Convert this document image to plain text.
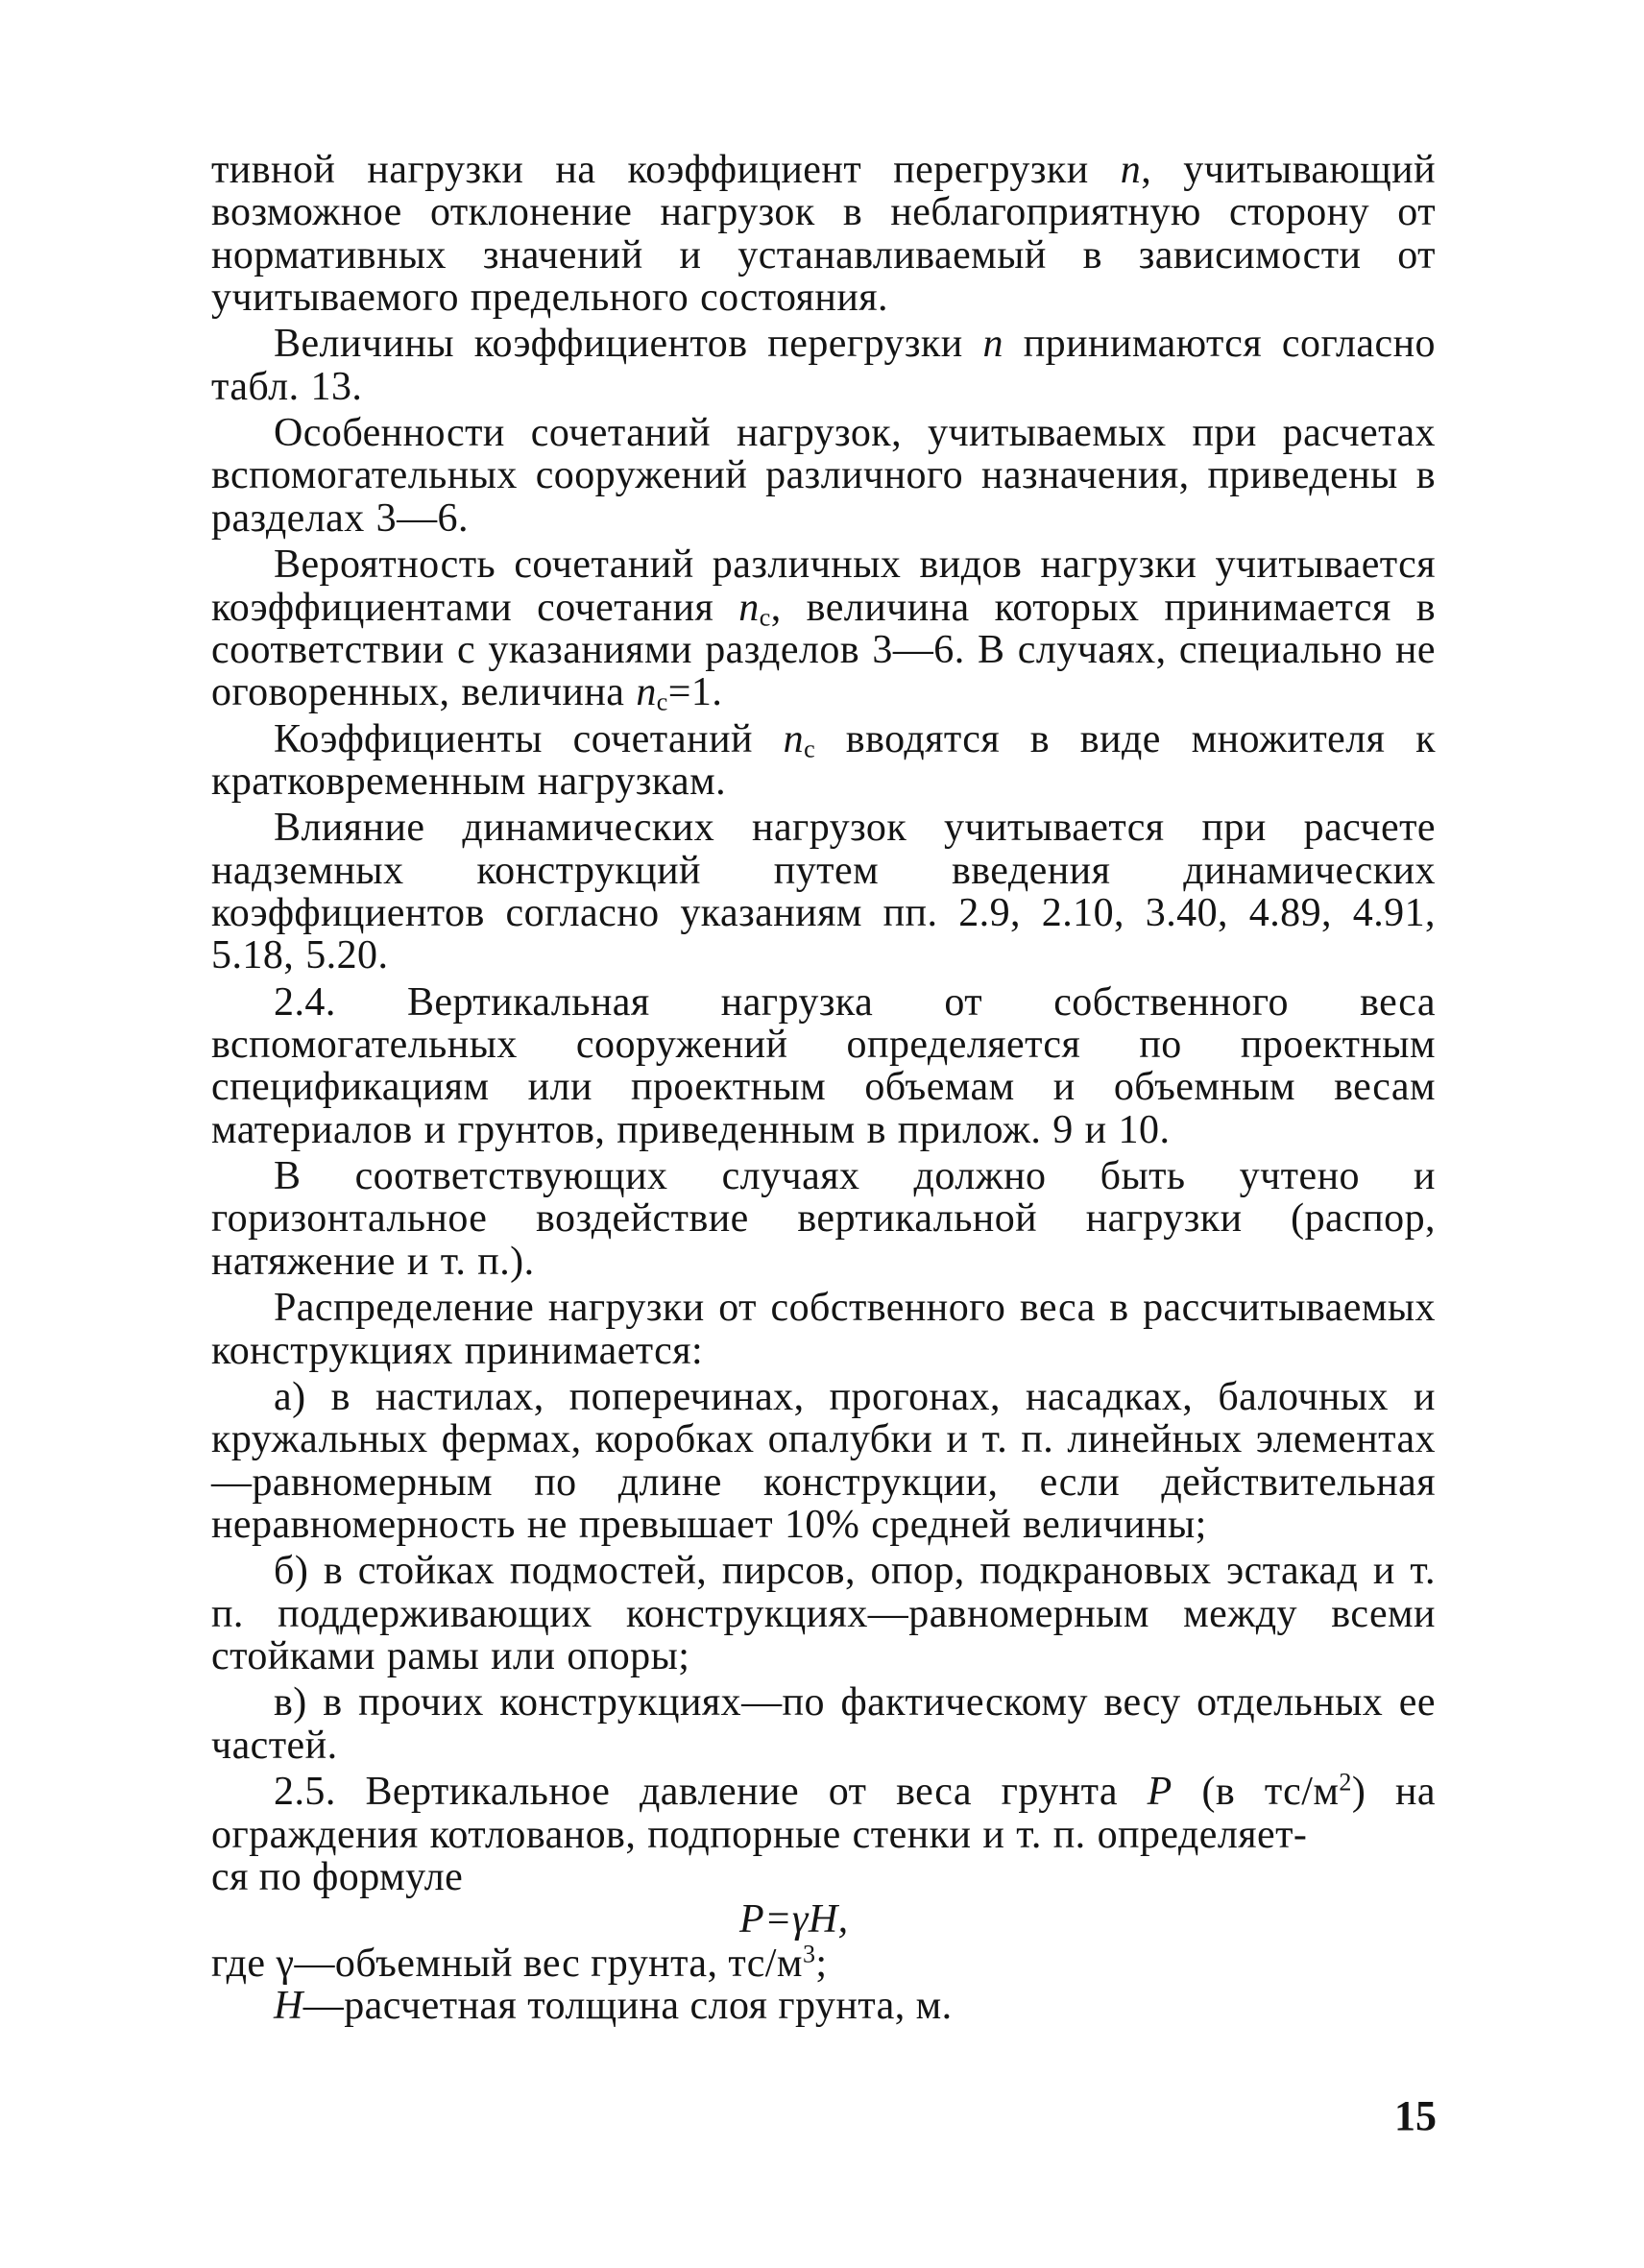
тивной нагрузки на коэффициент перегрузки n, учитывающий возможное отклонение нагрузок в неблагоприятную сторону от нормативных значений и устанавливаемый в зависимости от учитываемого предельного состояния.

Величины коэффициентов перегрузки n принимаются согласно табл. 13.

Особенности сочетаний нагрузок, учитываемых при расчетах вспомогательных сооружений различного назначения, приведены в разделах 3—6.

Вероятность сочетаний различных видов нагрузки учитывается коэффициентами сочетания $n_с$, величина которых принимается в соответствии с указаниями разделов 3—6. В случаях, специально не оговоренных, величина $n_с=1$.

Коэффициенты сочетаний $n_с$ вводятся в виде множителя к кратковременным нагрузкам.

Влияние динамических нагрузок учитывается при расчете надземных конструкций путем введения динамических коэффициентов согласно указаниям пп. 2.9, 2.10, 3.40, 4.89, 4.91, 5.18, 5.20.

2.4. Вертикальная нагрузка от собственного веса вспомогательных сооружений определяется по проектным спецификациям или проектным объемам и объемным весам материалов и грунтов, приведенным в прилож. 9 и 10.

В соответствующих случаях должно быть учтено и горизонтальное воздействие вертикальной нагрузки (распор, натяжение и т. п.).

Распределение нагрузки от собственного веса в рассчитываемых конструкциях принимается:

а) в настилах, поперечинах, прогонах, насадках, балочных и кружальных фермах, коробках опалубки и т. п. линейных элементах—равномерным по длине конструкции, если действительная неравномерность не превышает 10% средней величины;

б) в стойках подмостей, пирсов, опор, подкрановых эстакад и т. п. поддерживающих конструкциях—равномерным между всеми стойками рамы или опоры;

в) в прочих конструкциях—по фактическому весу отдельных ее частей.

2.5. Вертикальное давление от веса грунта P (в $тс/м^2$) на ограждения котлованов, подпорные стенки и т. п. определяет-

ся по формуле
P=γH,
где γ—объемный вес грунта, $тс/м^3$;
H—расчетная толщина слоя грунта, м.
15
